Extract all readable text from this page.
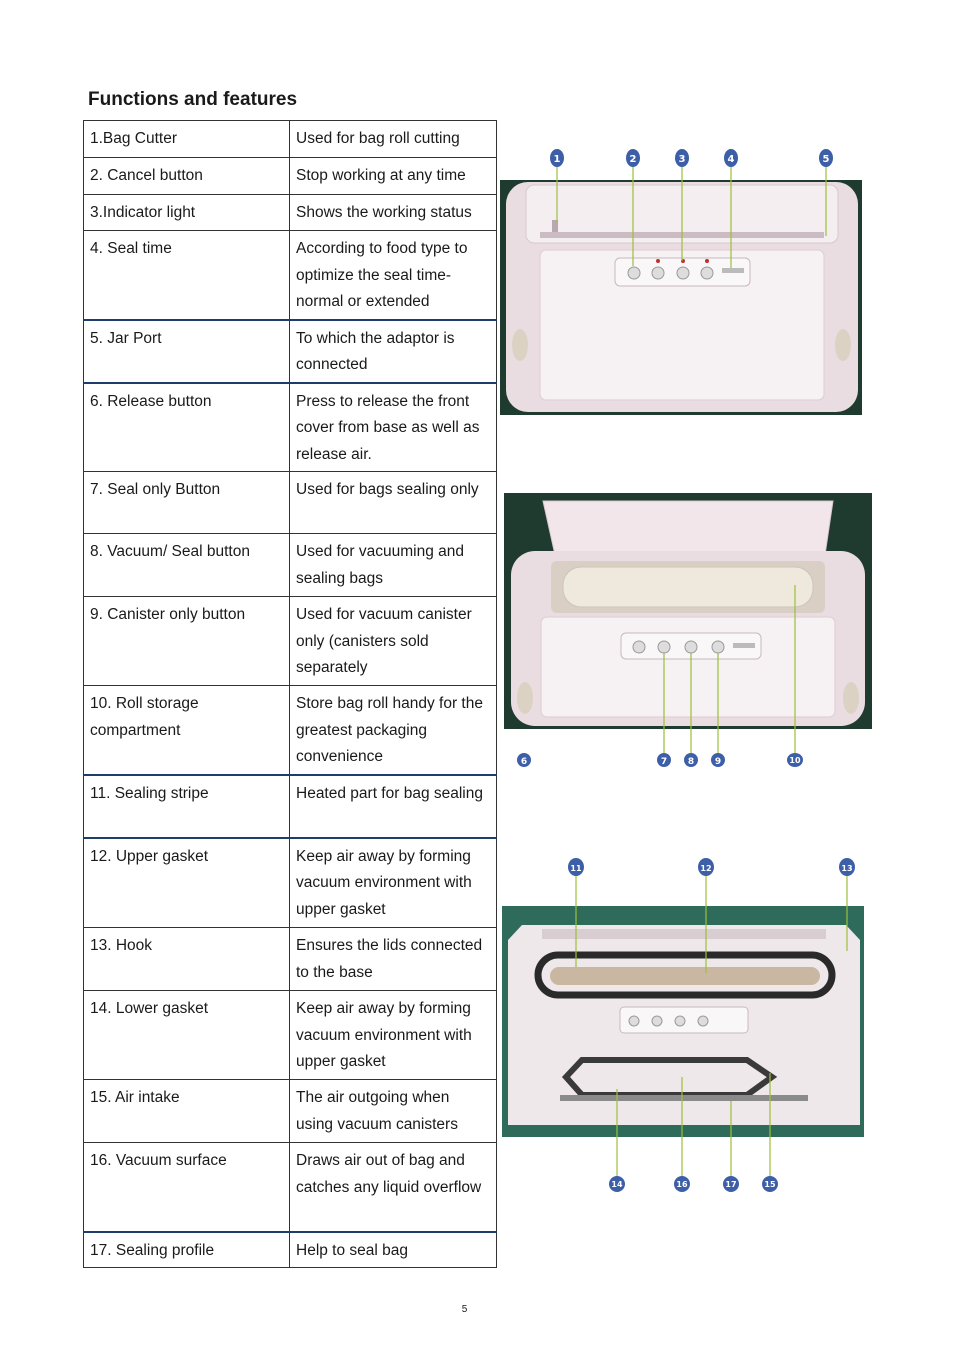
Functions and features
1.Bag Cutter	Used for bag roll cutting
2. Cancel button	Stop working at any time
3.Indicator light	Shows the working status
4. Seal time	According to food type to optimize the seal time-normal or extended
5. Jar Port	To which the adaptor is connected
6. Release button	Press to release the front cover from base as well as release air.
7. Seal only Button	Used for bags sealing only
8. Vacuum/ Seal button	Used for vacuuming and sealing bags
9. Canister only button	Used for vacuum canister only (canisters sold separately
10. Roll storage compartment	Store bag roll handy for the greatest packaging convenience
11. Sealing stripe	Heated part for bag sealing
12. Upper gasket	Keep air away by forming vacuum environment with upper gasket
13. Hook	Ensures the lids connected to the base
14. Lower gasket	Keep air away by forming vacuum environment with upper gasket
15. Air intake	The air outgoing when using vacuum canisters
16. Vacuum surface	Draws air out of bag and catches any liquid overflow
17. Sealing profile	Help to seal bag
1	2	3	4	5
6	7 8 9	10
11	12	13
14	16	17	15
5
